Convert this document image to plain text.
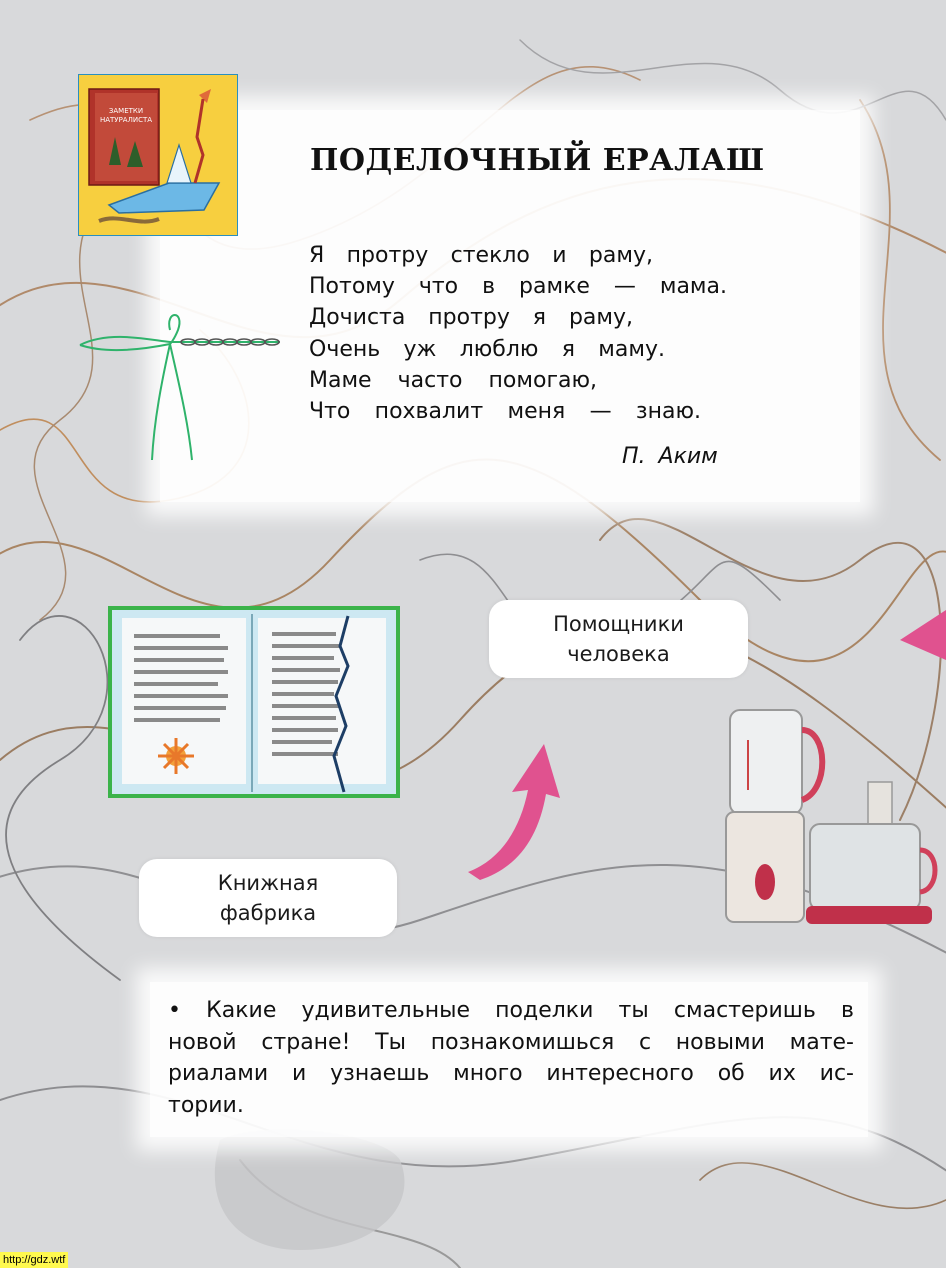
ЗАМЕТКИ
НАТУРАЛИСТА
ПОДЕЛОЧНЫЙ ЕРАЛАШ
Я протру стекло и раму,
Потому что в рамке — мама.
Дочиста протру я раму, Очень уж люблю я маму. Маме часто помогаю,
Что похвалит меня — знаю.
П. Аким
Помощники
человека
Книжная
фабрика
• Какие удивительные поделки ты смастеришь в
новой стране! Ты познакомишься с новыми мате-
риалами и узнаешь много интересного об их ис-
тории.
http://gdz.wtf
